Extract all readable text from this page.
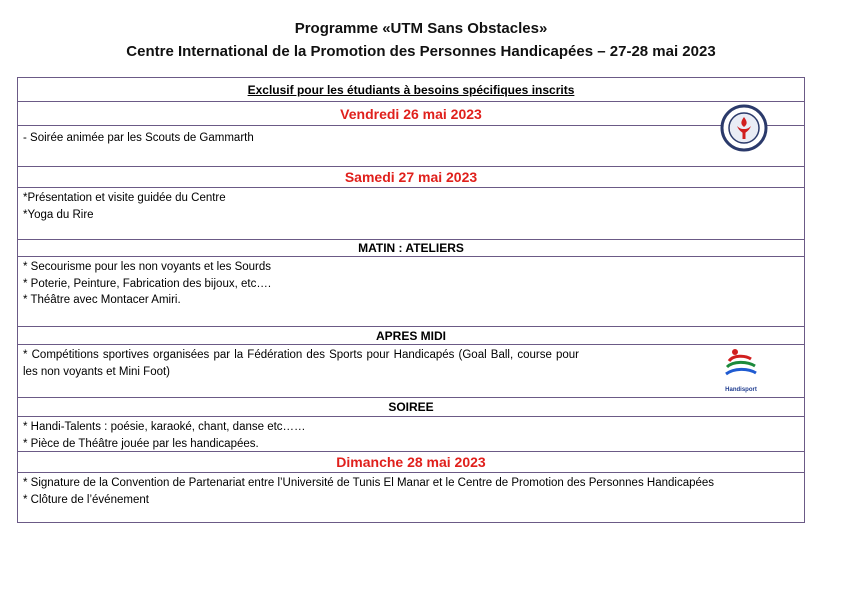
Programme «UTM Sans Obstacles»
Centre International de la Promotion des Personnes Handicapées – 27-28 mai 2023
Exclusif pour les étudiants à besoins spécifiques inscrits
Vendredi 26 mai 2023
- Soirée animée par les Scouts de Gammarth
Samedi 27 mai 2023
*Présentation et visite guidée du Centre
*Yoga du Rire
MATIN : ATELIERS
* Secourisme pour les non voyants et les Sourds
* Poterie, Peinture, Fabrication des bijoux, etc….
* Théâtre avec Montacer Amiri.
APRES MIDI
* Compétitions sportives organisées par la Fédération des Sports pour Handicapés (Goal Ball, course pour les non voyants et Mini Foot)
Handisport
SOIREE
* Handi-Talents : poésie, karaoké, chant, danse etc……
* Pièce de Théâtre jouée par les handicapées.
Dimanche 28 mai 2023
* Signature de la Convention de Partenariat entre l’Université de Tunis El Manar et le Centre de Promotion des Personnes Handicapées
* Clôture de l’événement
